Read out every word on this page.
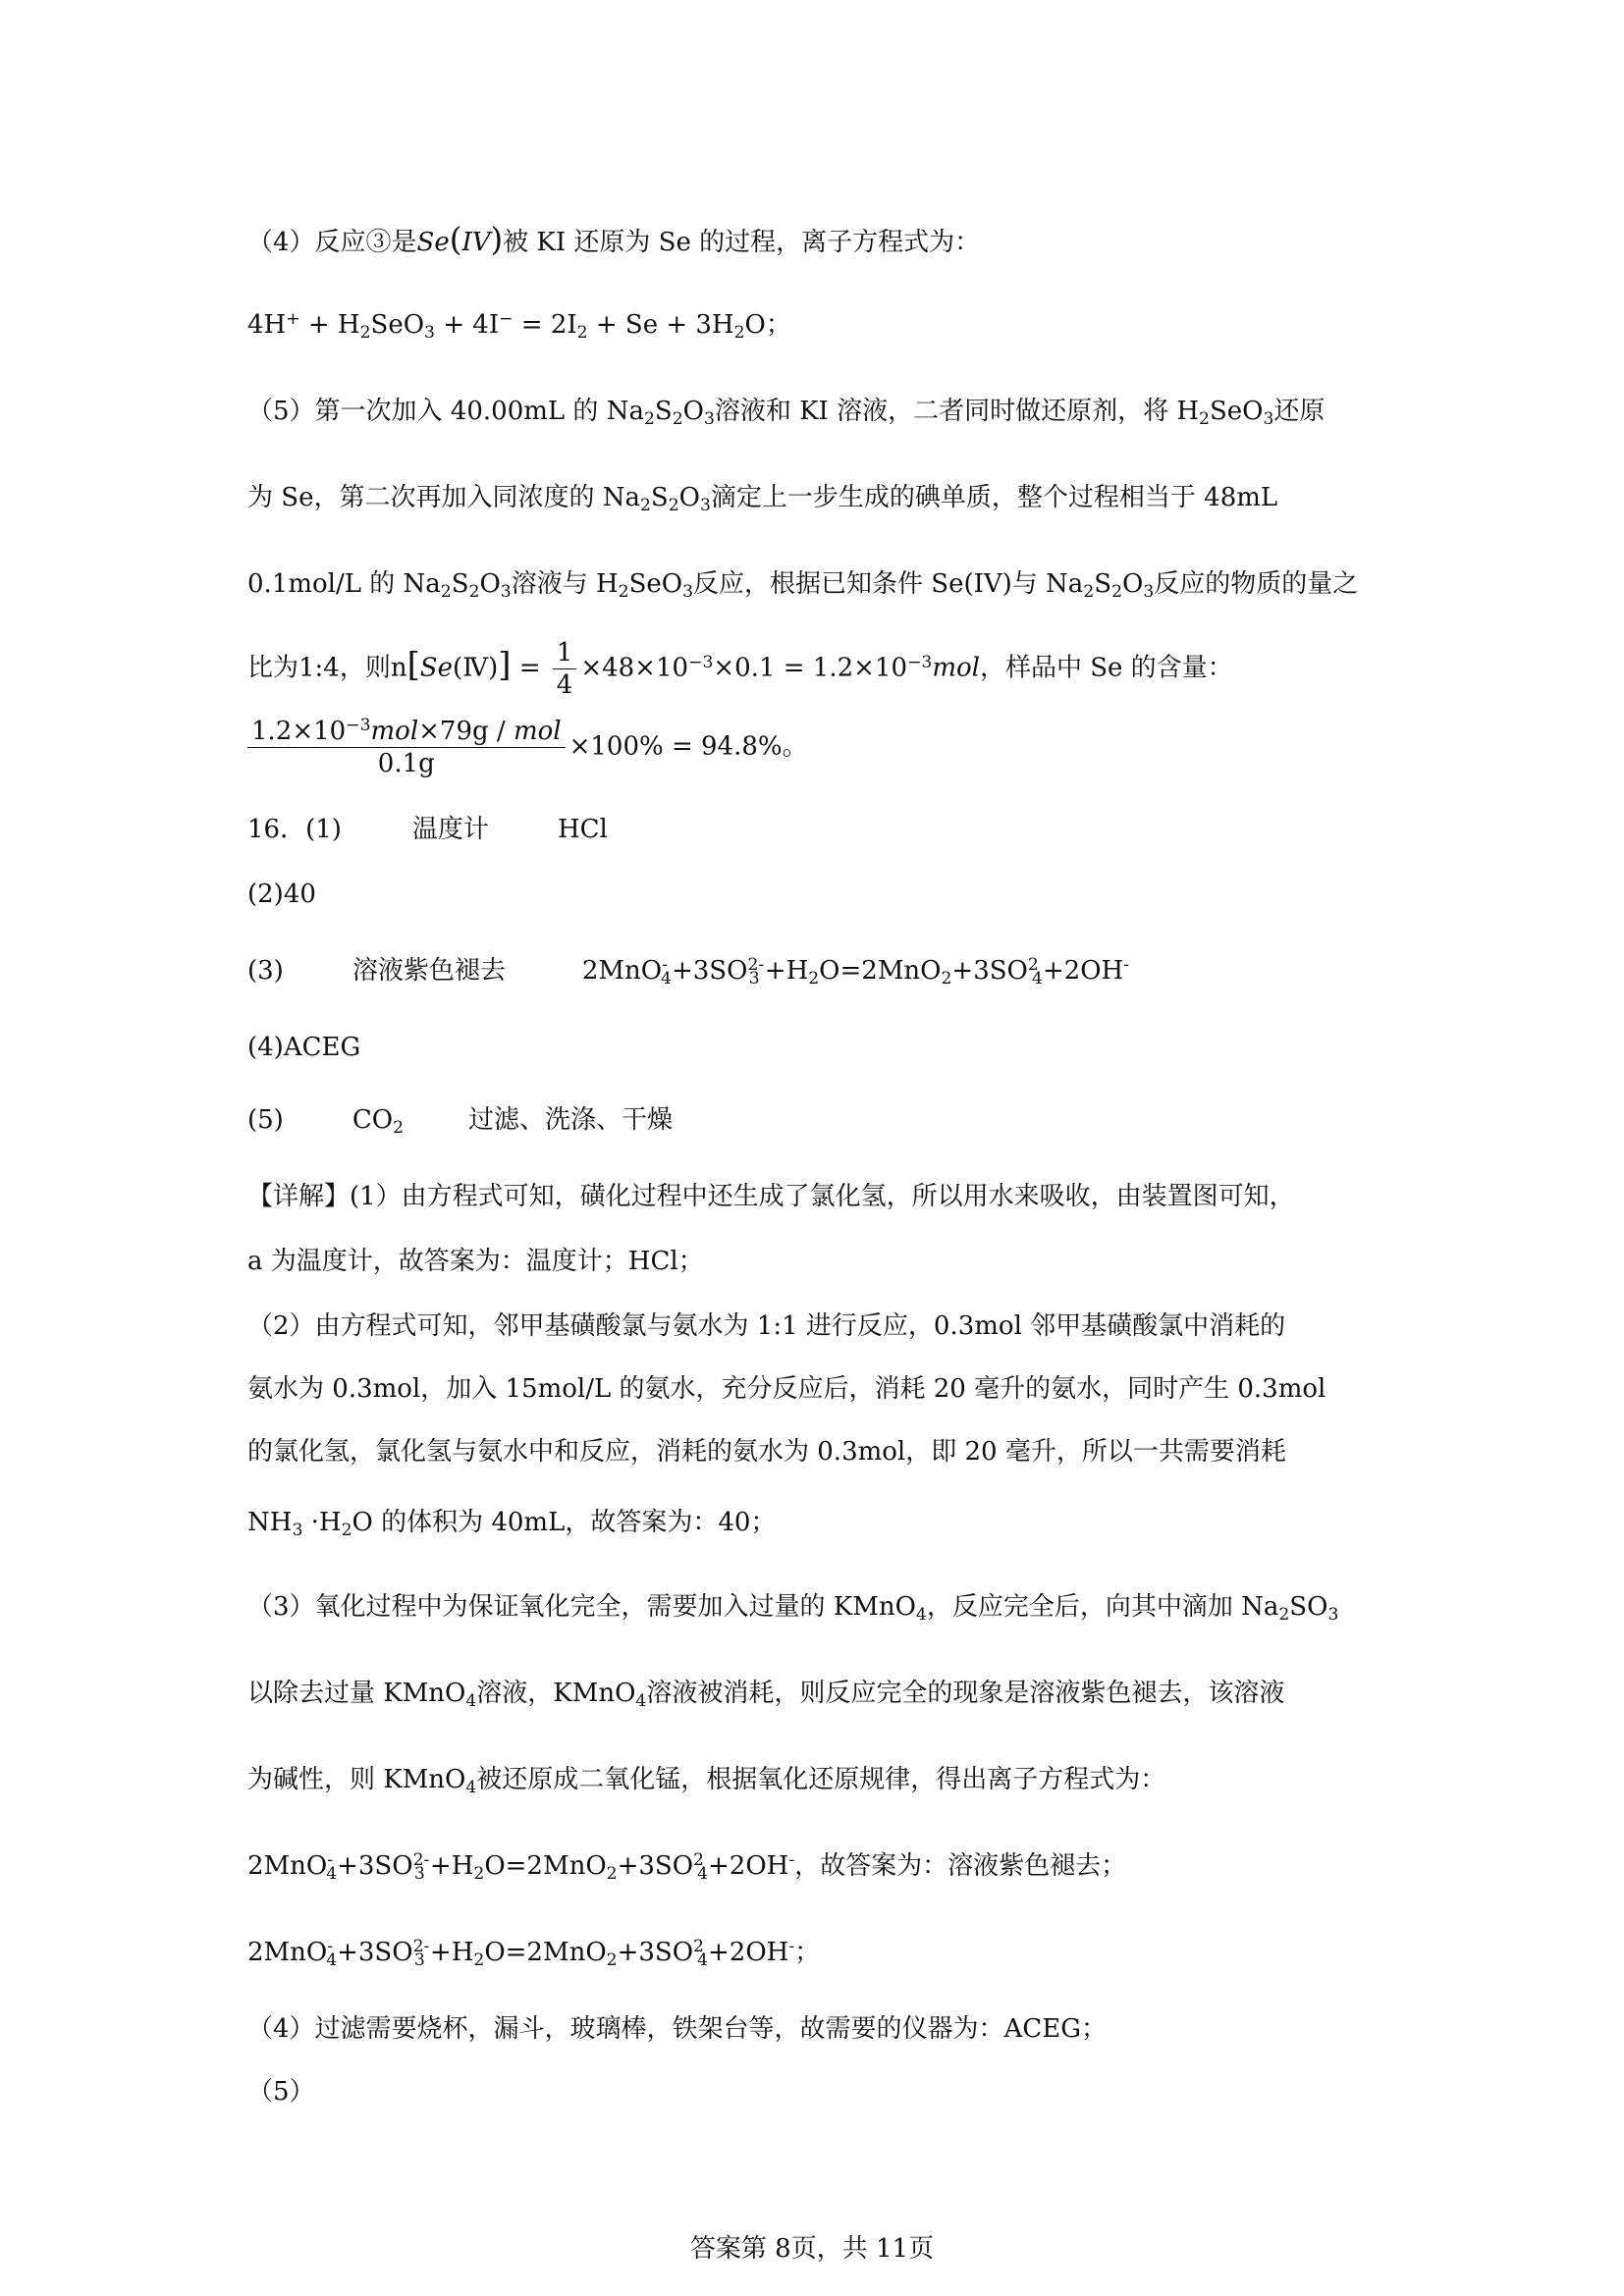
（4）反应③是Se(IV)被 KI 还原为 Se 的过程，离子方程式为：
$4H^+ + H_2SeO_3 + 4I^- = 2I_2 + Se + 3H_2O$；
（5）第一次加入 40.00mL 的 $Na_2S_2O_3$溶液和 KI 溶液，二者同时做还原剂，将 $H_2SeO_3$还原
为 Se，第二次再加入同浓度的 $Na_2S_2O_3$滴定上一步生成的碘单质，整个过程相当于 48mL
0.1mol/L 的 $Na_2S_2O_3$溶液与 $H_2SeO_3$反应，根据已知条件 Se(IV)与 $Na_2S_2O_3$反应的物质的量之
比为1:4，则n[Se(Ⅳ)] = $\frac{1}{4} \times 48\times 10^{-3}\times 0.1 = 1.2\times 10^{-3}mol$，样品中 Se 的含量：
$\frac{1.2\times 10^{-3}mol\times 79g / mol}{0.1g} \times 100\% = 94.8\%$。
16．(1)	温度计	HCl
(2)40
(3)	溶液紫色褪去	$2MnO^-_4+3SO^{2-}_3 +H_2O=2MnO_2+3SO^2_4+2OH^-$
(4)ACEG
(5)	$CO_2$	过滤、洗涤、干燥
【详解】(1）由方程式可知，磺化过程中还生成了氯化氢，所以用水来吸收，由装置图可知，
a 为温度计，故答案为：温度计；HCl；
（2）由方程式可知，邻甲基磺酸氯与氨水为 1:1 进行反应，0.3mol 邻甲基磺酸氯中消耗的
氨水为 0.3mol，加入 15mol/L 的氨水，充分反应后，消耗 20 毫升的氨水，同时产生 0.3mol
的氯化氢，氯化氢与氨水中和反应，消耗的氨水为 0.3mol，即 20 毫升，所以一共需要消耗
$NH_3 \cdot H_2O$ 的体积为 40mL，故答案为：40；
（3）氧化过程中为保证氧化完全，需要加入过量的 KMnO$_4$，反应完全后，向其中滴加 $Na_2SO_3$
以除去过量 KMnO$_4$溶液，KMnO$_4$溶液被消耗，则反应完全的现象是溶液紫色褪去，该溶液
为碱性，则 KMnO$_4$被还原成二氧化锰，根据氧化还原规律，得出离子方程式为：
$2MnO^-_4+3SO^{2-}_3 +H_2O=2MnO_2+3SO^2_4+2OH^-$，故答案为：溶液紫色褪去；
$2MnO^-_4+3SO^{2-}_3 +H_2O=2MnO_2+3SO^2_4+2OH^-$；
（4）过滤需要烧杯，漏斗，玻璃棒，铁架台等，故需要的仪器为：ACEG；
（5）
答案第 8页，共 11页
